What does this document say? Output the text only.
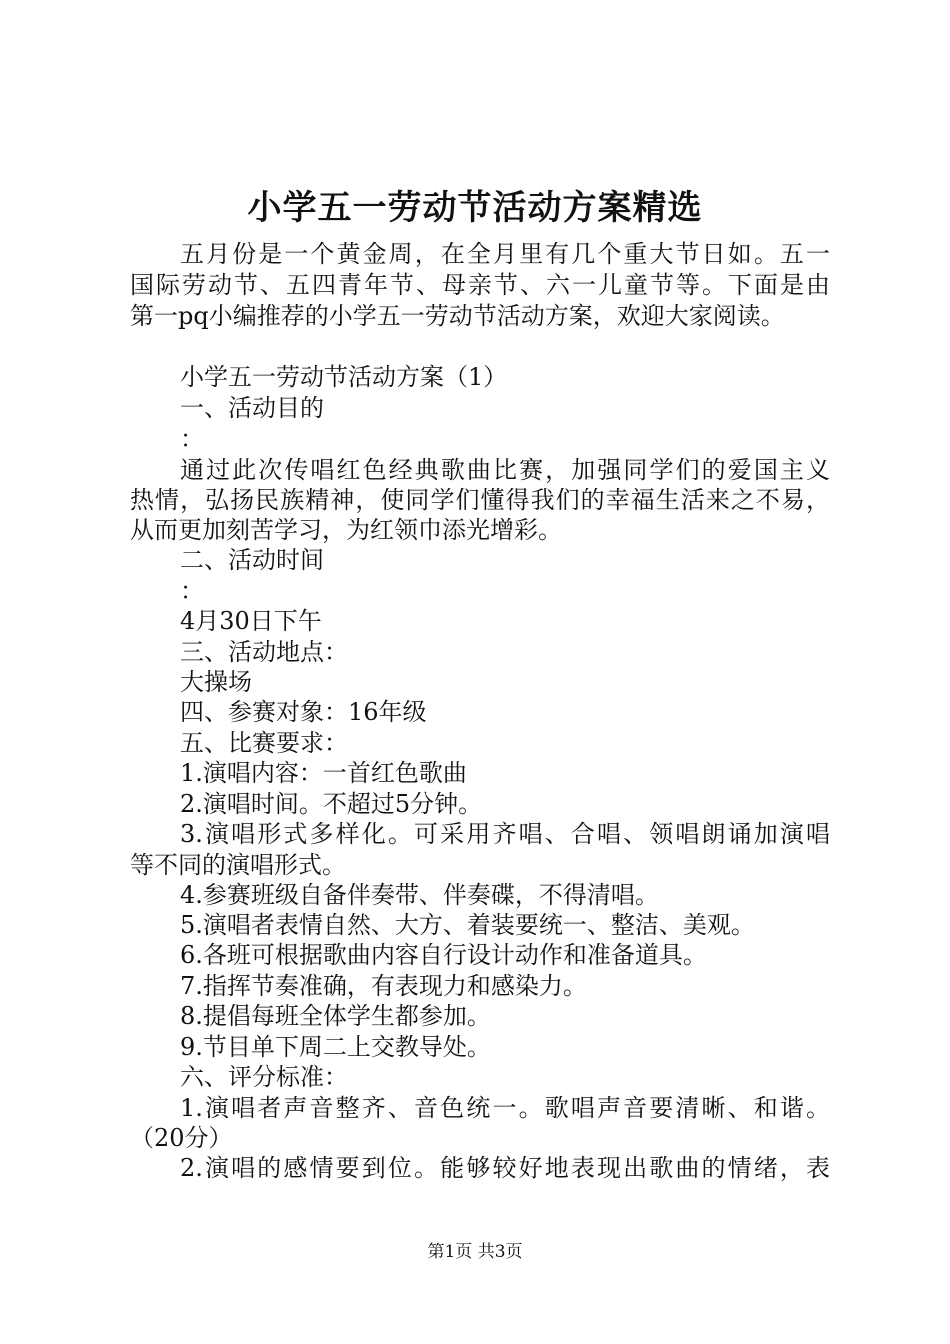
小学五一劳动节活动方案精选
五月份是一个黄金周，在全月里有几个重大节日如。五一
国际劳动节、五四青年节、母亲节、六一儿童节等。下面是由
第一pq小编推荐的小学五一劳动节活动方案，欢迎大家阅读。
小学五一劳动节活动方案（1）
一、活动目的
：
通过此次传唱红色经典歌曲比赛，加强同学们的爱国主义
热情，弘扬民族精神，使同学们懂得我们的幸福生活来之不易，
从而更加刻苦学习，为红领巾添光增彩。
二、活动时间
：
4月30日下午
三、活动地点：
大操场
四、参赛对象：16年级
五、比赛要求：
1.演唱内容：一首红色歌曲
2.演唱时间。不超过5分钟。
3.演唱形式多样化。可采用齐唱、合唱、领唱朗诵加演唱
等不同的演唱形式。
4.参赛班级自备伴奏带、伴奏碟，不得清唱。
5.演唱者表情自然、大方、着装要统一、整洁、美观。
6.各班可根据歌曲内容自行设计动作和准备道具。
7.指挥节奏准确，有表现力和感染力。
8.提倡每班全体学生都参加。
9.节目单下周二上交教导处。
六、评分标准：
1.演唱者声音整齐、音色统一。歌唱声音要清晰、和谐。
（20分）
2.演唱的感情要到位。能够较好地表现出歌曲的情绪，表
第1页 共3页
